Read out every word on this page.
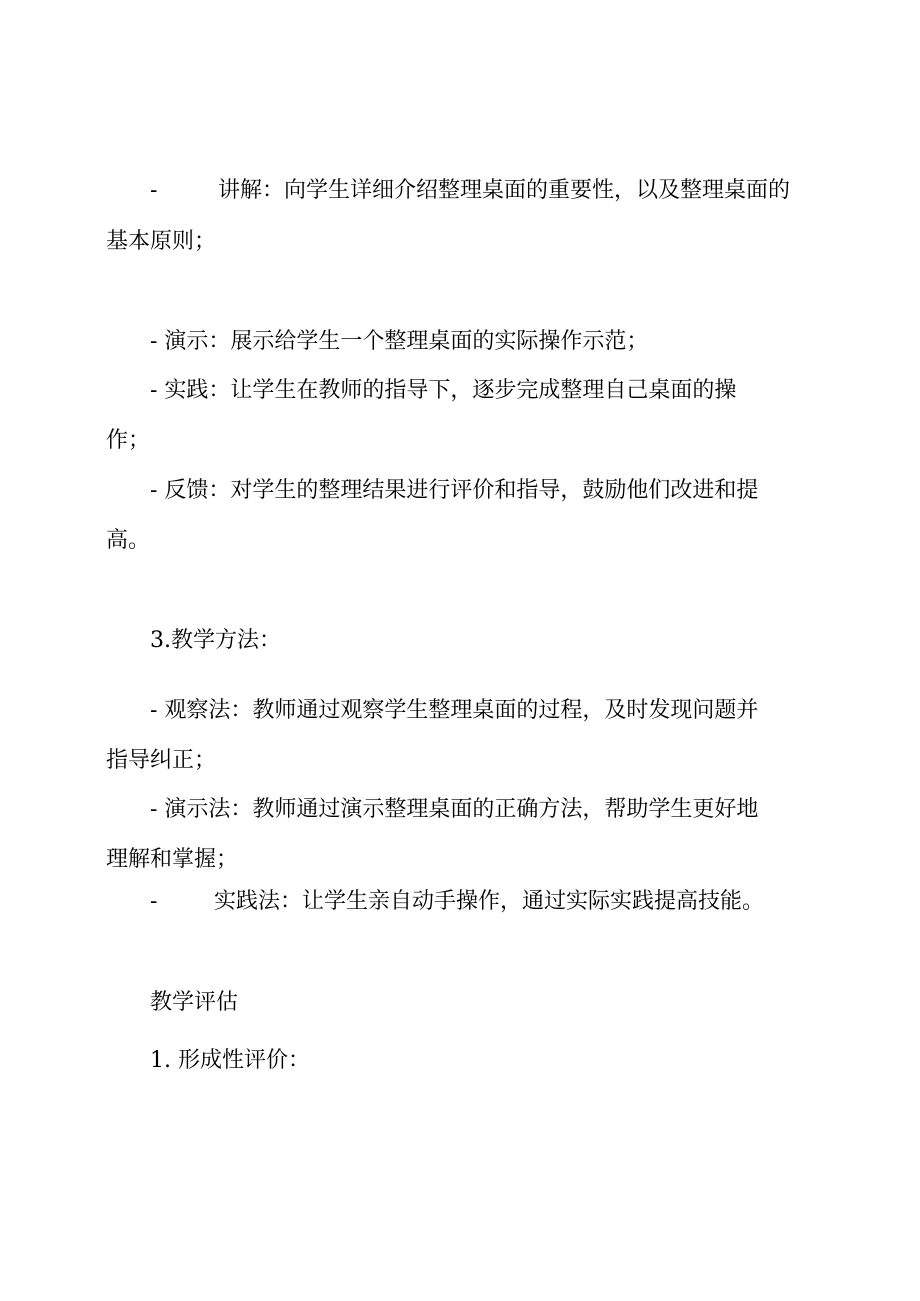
-	讲解：向学生详细介绍整理桌面的重要性，以及整理桌面的
基本原则；
- 演示：展示给学生一个整理桌面的实际操作示范；
- 实践：让学生在教师的指导下，逐步完成整理自己桌面的操
作；
- 反馈：对学生的整理结果进行评价和指导，鼓励他们改进和提
高。
3.教学方法：
- 观察法：教师通过观察学生整理桌面的过程，及时发现问题并
指导纠正；
- 演示法：教师通过演示整理桌面的正确方法，帮助学生更好地
理解和掌握；
-	实践法：让学生亲自动手操作，通过实际实践提高技能。
教学评估
1. 形成性评价：
